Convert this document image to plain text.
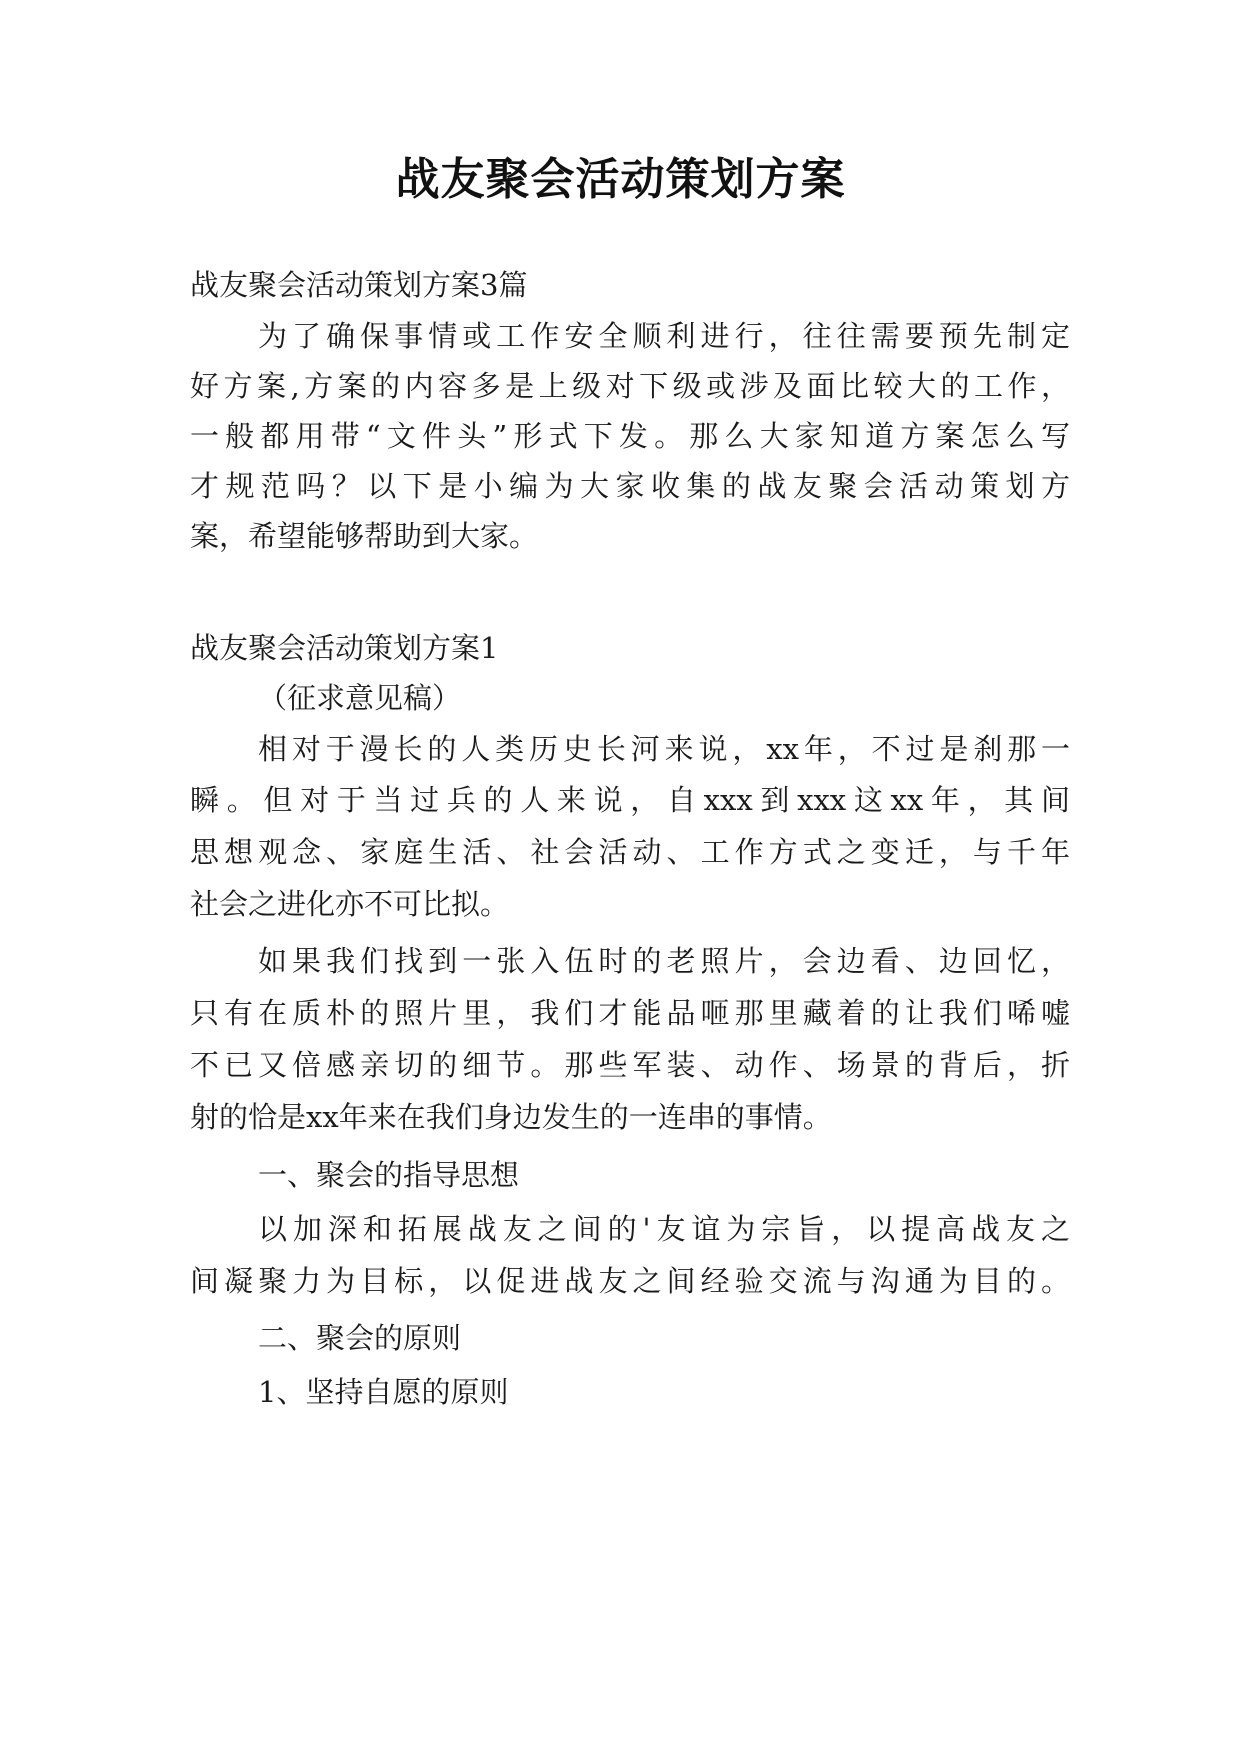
战友聚会活动策划方案
战友聚会活动策划方案3篇
为了确保事情或工作安全顺利进行，往往需要预先制定
好方案,方案的内容多是上级对下级或涉及面比较大的工作，
一般都用带“文件头”形式下发。那么大家知道方案怎么写
才规范吗？以下是小编为大家收集的战友聚会活动策划方
案，希望能够帮助到大家。
战友聚会活动策划方案1
（征求意见稿）
相对于漫长的人类历史长河来说，xx年，不过是刹那一
瞬。但对于当过兵的人来说，自xxx到xxx这xx年，其间
思想观念、家庭生活、社会活动、工作方式之变迁，与千年
社会之进化亦不可比拟。
如果我们找到一张入伍时的老照片，会边看、边回忆，
只有在质朴的照片里，我们才能品咂那里藏着的让我们唏嘘
不已又倍感亲切的细节。那些军装、动作、场景的背后，折
射的恰是xx年来在我们身边发生的一连串的事情。
一、聚会的指导思想
以加深和拓展战友之间的'友谊为宗旨，以提高战友之
间凝聚力为目标，以促进战友之间经验交流与沟通为目的。
二、聚会的原则
1、坚持自愿的原则
